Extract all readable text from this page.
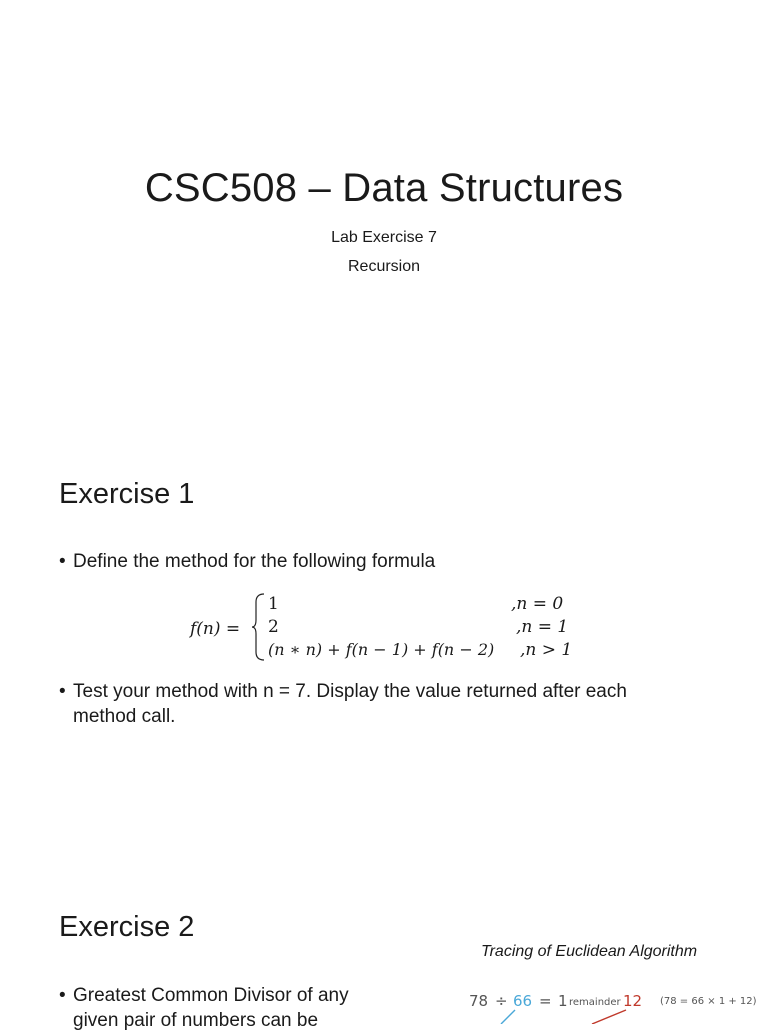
CSC508 – Data Structures
Lab Exercise 7
Recursion
Exercise 1
• Define the method for the following formula
f(n) =
1	,n = 0
2	,n = 1
(n ∗ n) + f(n − 1) + f(n − 2) ,n > 1
• Test your method with n = 7. Display the value returned after each
method call.
Exercise 2
• Greatest Common Divisor of any
given pair of numbers can be
Tracing of Euclidean Algorithm
78 ÷ 66 = 1 remainder 12 (78 = 66 × 1 + 12)
